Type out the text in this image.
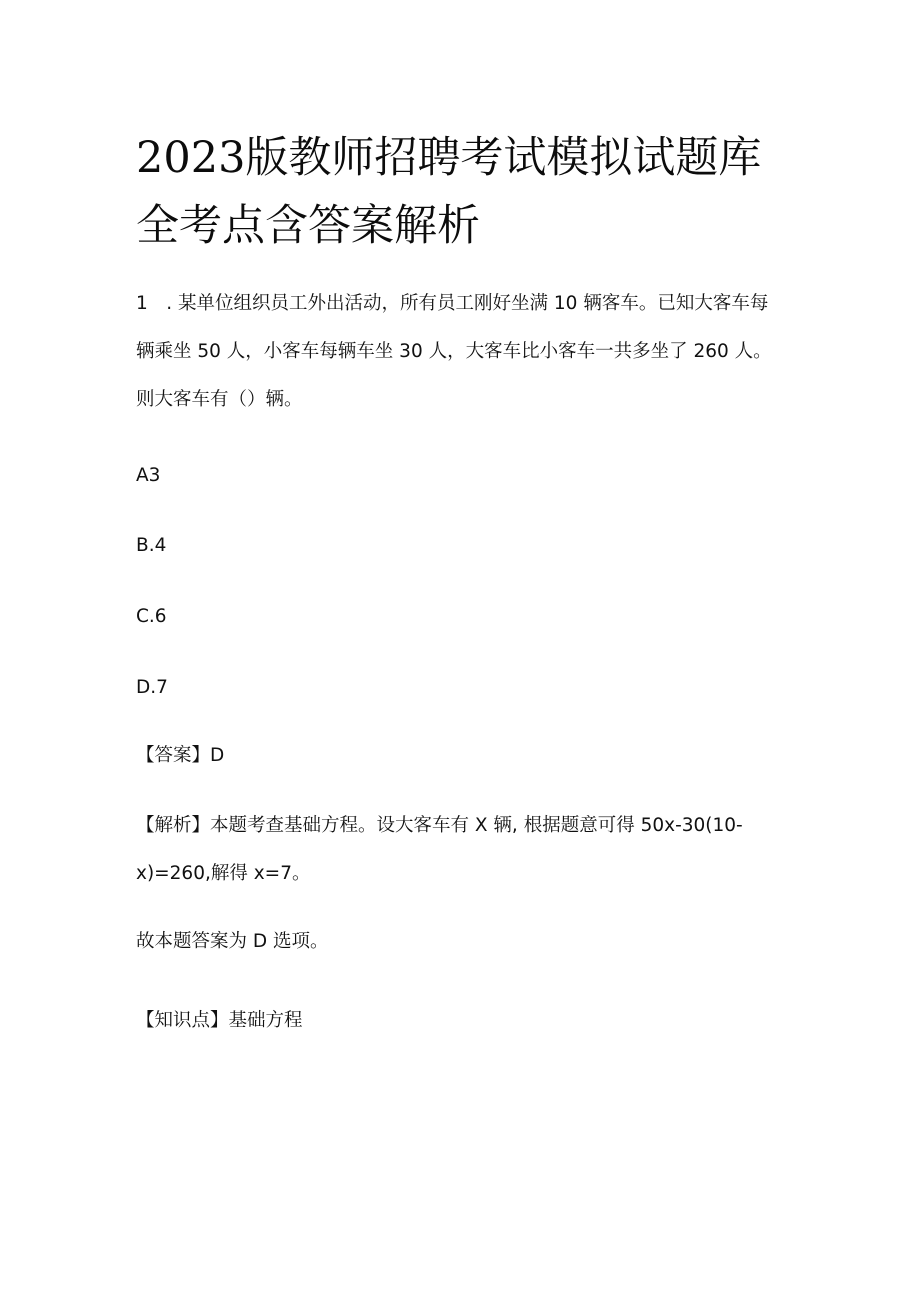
2023版教师招聘考试模拟试题库全考点含答案解析

1　. 某单位组织员工外出活动，所有员工刚好坐满 10 辆客车。已知大客车每辆乘坐 50 人，小客车每辆车坐 30 人，大客车比小客车一共多坐了 260 人。则大客车有（）辆。

A3

B.4

C.6

D.7

【答案】D

【解析】本题考查基础方程。设大客车有 X 辆, 根据题意可得 50x-30(10-x)=260,解得 x=7。

故本题答案为 D 选项。

【知识点】基础方程
